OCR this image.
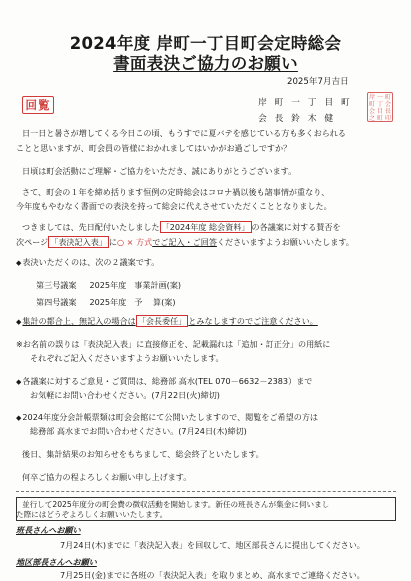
2024年度 岸町一丁目町会定時総会
書面表決ご協力のお願い
2025年7月吉日
回覧	岸 町 一 丁 目 町
会 長 鈴 木 健
岸 一 町
町 丁 会
会 目 長
之 町 印
日一日と暑さが増してくる今日この頃、もうすでに夏バテを感じている方も多くおられる
ことと思いますが、町会員の皆様におかれましてはいかがお過ごしですか？
日頃は町会活動にご理解・ご協力をいただき、誠にありがとうございます。
さて、町会の１年を締め括ります恒例の定時総会はコロナ禍以後も諸事情が重なり、
今年度もやむなく書面での表決を持って総会に代えさせていただくこととなりました。
つきましては、先日配付いたしました 「2024年度 総会資料」 の各議案に対する賛否を
次ページ 「表決記入表」 に○ × 方式でご記入・ご回答くださいますようお願いいたします。
◆表決いただくのは、次の２議案です。
第三号議案 2025年度 事業計画(案)
第四号議案 2025年度 予　 算(案)
◆集計の都合上、無記入の場合は 「会長委任」 とみなしますのでご注意ください。
※お名前の誤りは「表決記入表」に直接修正を、記載漏れは「追加・訂正分」の用紙に
それぞれご記入くださいますようお願いいたします。
◆各議案に対するご意見・ご質問は、総務部 高水(TEL 070－6632－2383）まで
お気軽にお問い合わせください。(7月22日(火)締切)
◆2024年度分会計帳票類は町会会館にて公開いたしますので、閲覧をご希望の方は
総務部 高水までお問い合わせください。(7月24日(木)締切)
後日、集計結果のお知らせをもちまして、総会終了といたします。
何卒ご協力の程よろしくお願い申し上げます。
並行して2025年度分の町会費の徴収活動を開始します。新任の班長さんが集金に伺いまし
た際にはどうぞよろしくお願いいたします。
班長さんへお願い
7月24日(木)までに「表決記入表」を回収して、地区部長さんに提出してください。
地区部長さんへお願い
7月25日(金)までに各班の「表決記入表」を取りまとめ、高水までご連絡ください。
